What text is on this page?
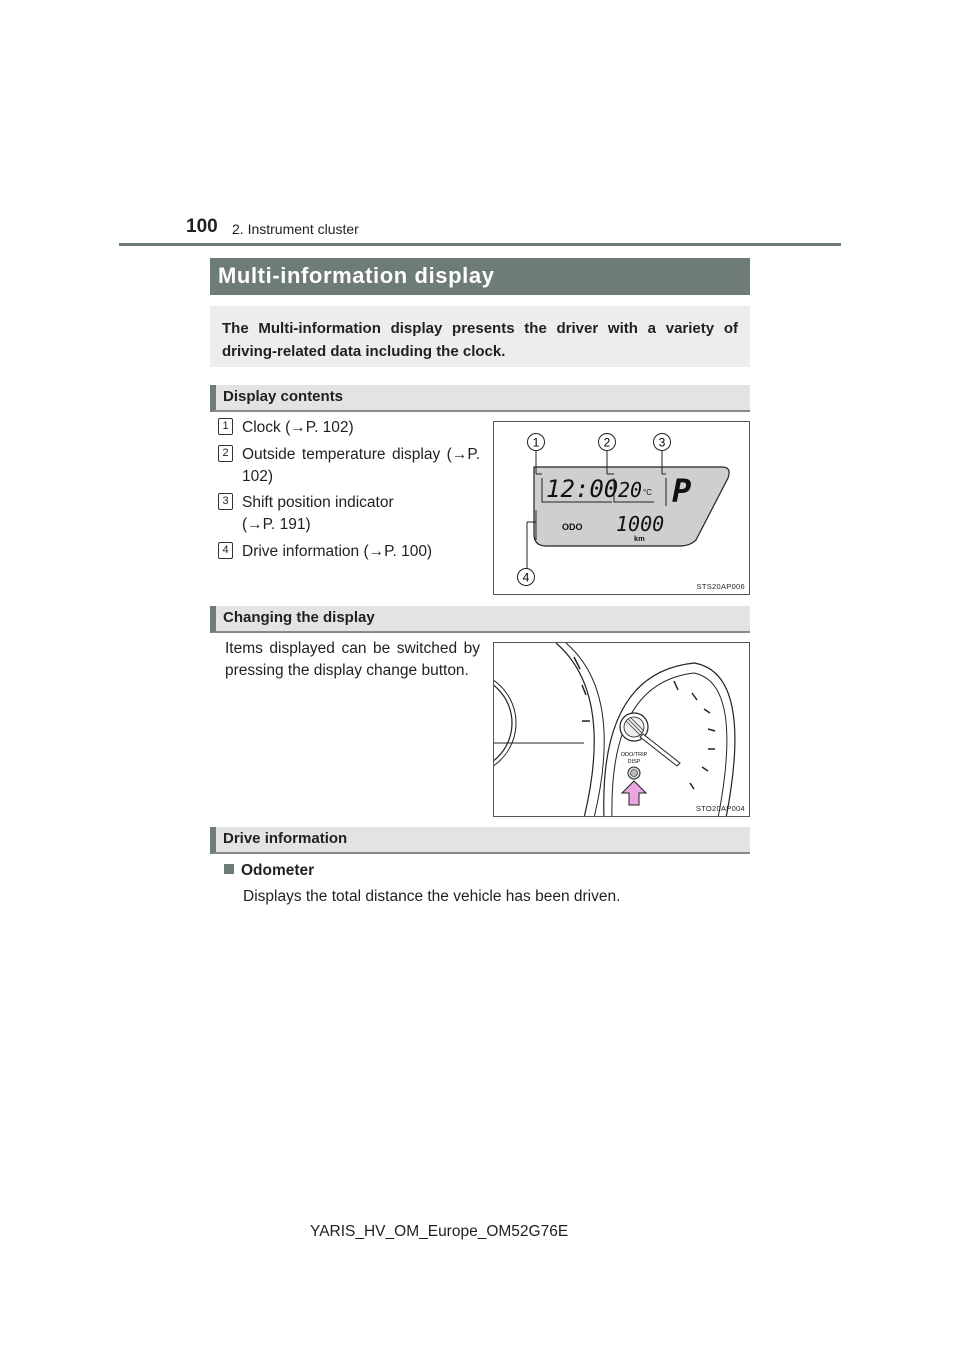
100 2. Instrument cluster
Multi-information display
The Multi-information display presents the driver with a variety of driving-related data including the clock.
Display contents
1 Clock (→P. 102)
2 Outside temperature display (→P. 102)
3 Shift position indicator (→P. 191)
4 Drive information (→P. 100)
1	2	3
4
12:00 20 °C P
ODO 1000
km
STS20AP006
Changing the display
Items displayed can be switched by pressing the display change button.
ODO/TRIP
DISP
STO20AP004
Drive information
Odometer
Displays the total distance the vehicle has been driven.
YARIS_HV_OM_Europe_OM52G76E
